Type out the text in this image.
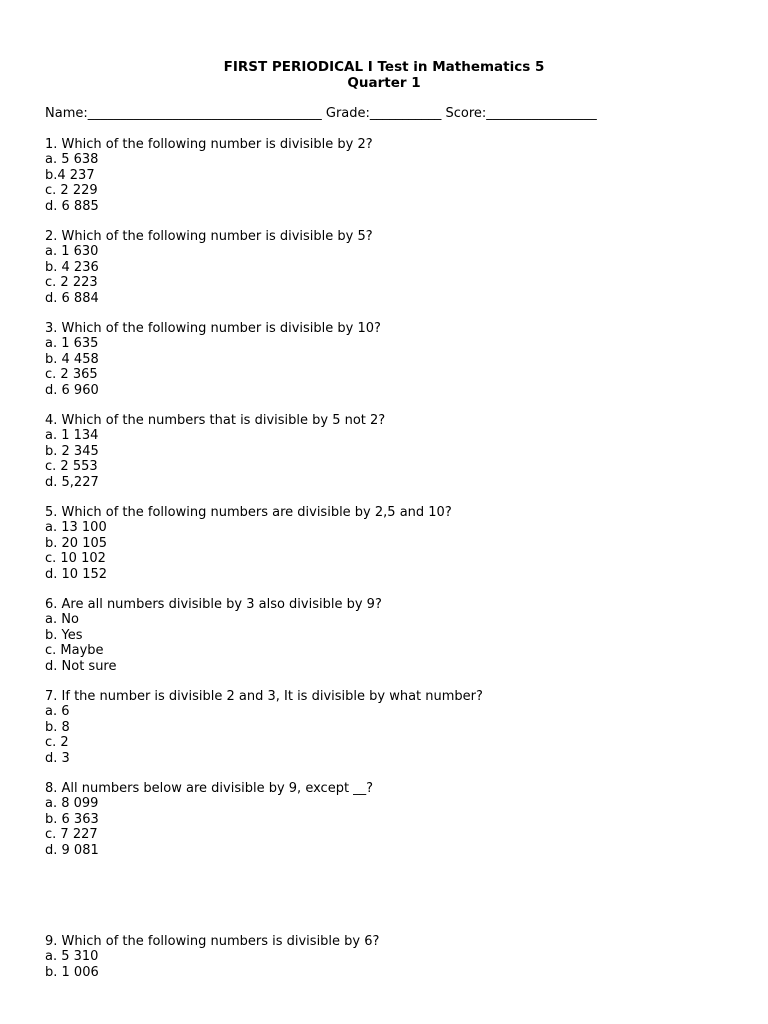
FIRST PERIODICAL I Test in Mathematics 5
Quarter 1
Name:____________________________________ Grade:___________ Score:_________________
1. Which of the following number is divisible by 2?
a. 5 638
b.4 237
c. 2 229
d. 6 885
2. Which of the following number is divisible by 5?
a. 1 630
b. 4 236
c. 2 223
d. 6 884
3. Which of the following number is divisible by 10?
a. 1 635
b. 4 458
c. 2 365
d. 6 960
4. Which of the numbers that is divisible by 5 not 2?
a. 1 134
b. 2 345
c. 2 553
d. 5,227
5. Which of the following numbers are divisible by 2,5 and 10?
a. 13 100
b. 20 105
c. 10 102
d. 10 152
6. Are all numbers divisible by 3 also divisible by 9?
a. No
b. Yes
c. Maybe
d. Not sure
7. If the number is divisible 2 and 3, It is divisible by what number?
a. 6
b. 8
c. 2
d. 3
8. All numbers below are divisible by 9, except __?
a. 8 099
b. 6 363
c. 7 227
d. 9 081
9. Which of the following numbers is divisible by 6?
a. 5 310
b. 1 006
